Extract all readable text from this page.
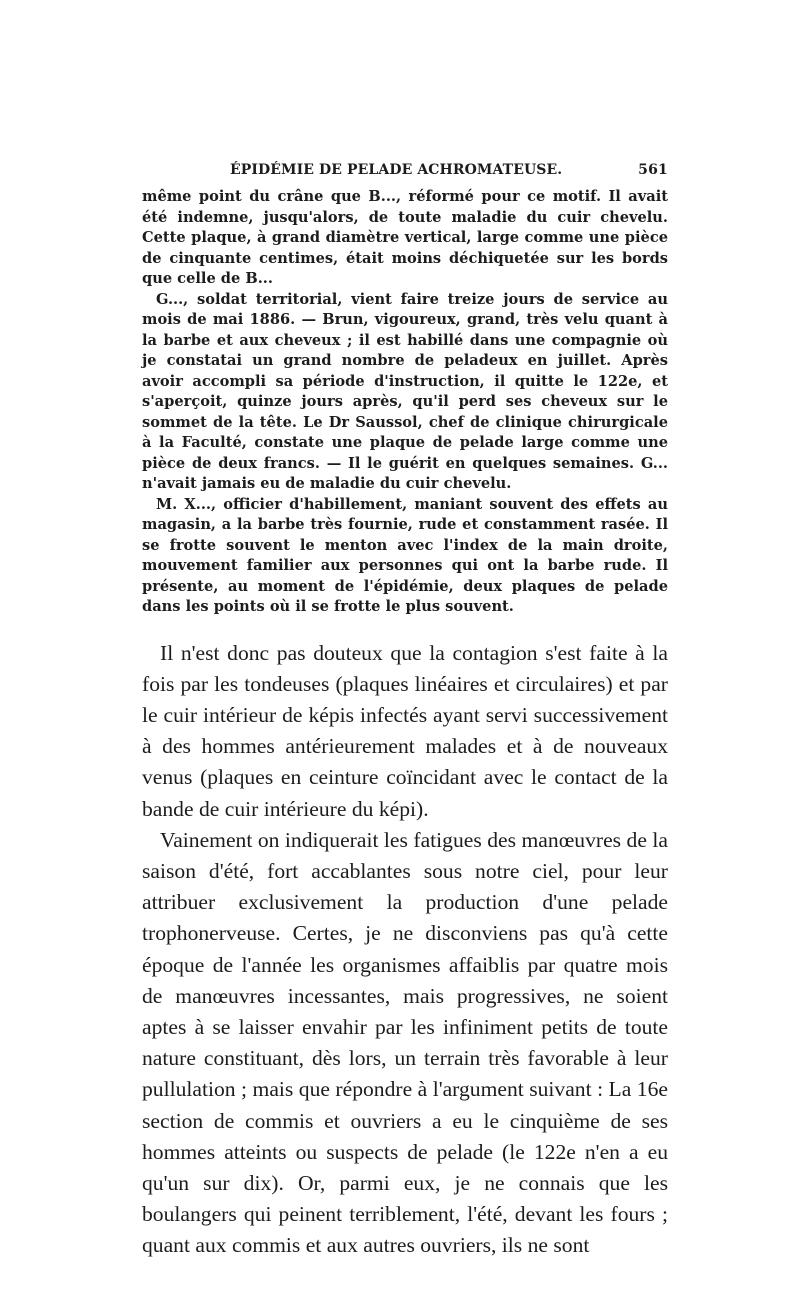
ÉPIDÉMIE DE PELADE ACHROMATEUSE.	561

même point du crâne que B..., réformé pour ce motif. Il avait été indemne, jusqu'alors, de toute maladie du cuir chevelu. Cette plaque, à grand diamètre vertical, large comme une pièce de cinquante centimes, était moins déchiquetée sur les bords que celle de B...

G..., soldat territorial, vient faire treize jours de service au mois de mai 1886. — Brun, vigoureux, grand, très velu quant à la barbe et aux cheveux ; il est habillé dans une compagnie où je constatai un grand nombre de peladeux en juillet. Après avoir accompli sa période d'instruction, il quitte le 122e, et s'aperçoit, quinze jours après, qu'il perd ses cheveux sur le sommet de la tête. Le Dr Saussol, chef de clinique chirurgicale à la Faculté, constate une plaque de pelade large comme une pièce de deux francs. — Il le guérit en quelques semaines. G... n'avait jamais eu de maladie du cuir chevelu.

M. X..., officier d'habillement, maniant souvent des effets au magasin, a la barbe très fournie, rude et constamment rasée. Il se frotte souvent le menton avec l'index de la main droite, mouvement familier aux personnes qui ont la barbe rude. Il présente, au moment de l'épidémie, deux plaques de pelade dans les points où il se frotte le plus souvent.

Il n'est donc pas douteux que la contagion s'est faite à la fois par les tondeuses (plaques linéaires et circulaires) et par le cuir intérieur de képis infectés ayant servi successivement à des hommes antérieurement malades et à de nouveaux venus (plaques en ceinture coïncidant avec le contact de la bande de cuir intérieure du képi).

Vainement on indiquerait les fatigues des manœuvres de la saison d'été, fort accablantes sous notre ciel, pour leur attribuer exclusivement la production d'une pelade trophonerveuse. Certes, je ne disconviens pas qu'à cette époque de l'année les organismes affaiblis par quatre mois de manœuvres incessantes, mais progressives, ne soient aptes à se laisser envahir par les infiniment petits de toute nature constituant, dès lors, un terrain très favorable à leur pullulation ; mais que répondre à l'argument suivant : La 16e section de commis et ouvriers a eu le cinquième de ses hommes atteints ou suspects de pelade (le 122e n'en a eu qu'un sur dix). Or, parmi eux, je ne connais que les boulangers qui peinent terriblement, l'été, devant les fours ; quant aux commis et aux autres ouvriers, ils ne sont
